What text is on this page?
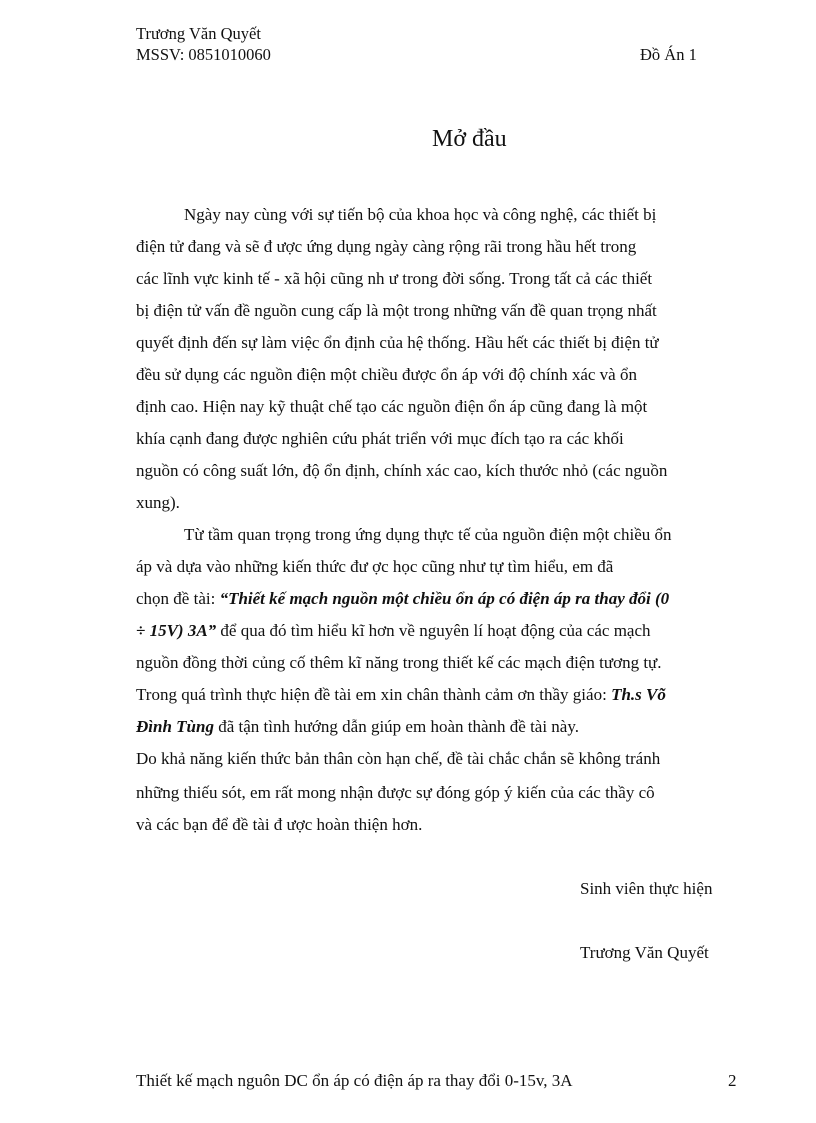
Trương Văn Quyết
MSSV: 0851010060	Đồ Án 1
Mở đầu
Ngày nay cùng với sự tiến bộ của khoa học và công nghệ, các thiết bị
điện tử đang và sẽ đ ược ứng dụng ngày càng rộng rãi trong hầu hết trong
các lĩnh vực kinh tế - xã hội cũng nh ư trong đời sống. Trong tất cả các thiết
bị điện tử vấn đề nguồn cung cấp là một trong những vấn đề quan trọng nhất
quyết định đến sự làm việc ổn định của hệ thống. Hầu hết các thiết bị điện tử
đều sử dụng các nguồn điện một chiều được ổn áp với độ chính xác và ổn
định cao. Hiện nay kỹ thuật chế tạo các nguồn điện ổn áp cũng đang là một
khía cạnh đang được nghiên cứu phát triển với mục đích tạo ra các khối
nguồn có công suất lớn, độ ổn định, chính xác cao, kích thước nhỏ (các nguồn
xung).
Từ tầm quan trọng trong ứng dụng thực tế của nguồn điện một chiều ổn
áp và dựa vào những kiến thức đư ợc học cũng như tự tìm hiểu, em đã
chọn đề tài: “Thiết kế mạch nguồn một chiều ổn áp có điện áp ra thay đổi (0
÷ 15V) 3A” để qua đó tìm hiểu kĩ hơn về nguyên lí hoạt động của các mạch
nguồn đồng thời củng cố thêm kĩ năng trong thiết kế các mạch điện tương tự.
Trong quá trình thực hiện đề tài em xin chân thành cảm ơn thầy giáo: Th.s Võ
Đình Tùng đã tận tình hướng dẫn giúp em hoàn thành đề tài này.
Do khả năng kiến thức bản thân còn hạn chế, đề tài chắc chắn sẽ không tránh
những thiếu sót, em rất mong nhận được sự đóng góp ý kiến của các thầy cô
và các bạn để đề tài đ ược hoàn thiện hơn.
Sinh viên thực hiện
Trương Văn Quyết
Thiết kế mạch nguôn DC ổn áp có điện áp ra thay đổi 0-15v, 3A	2
